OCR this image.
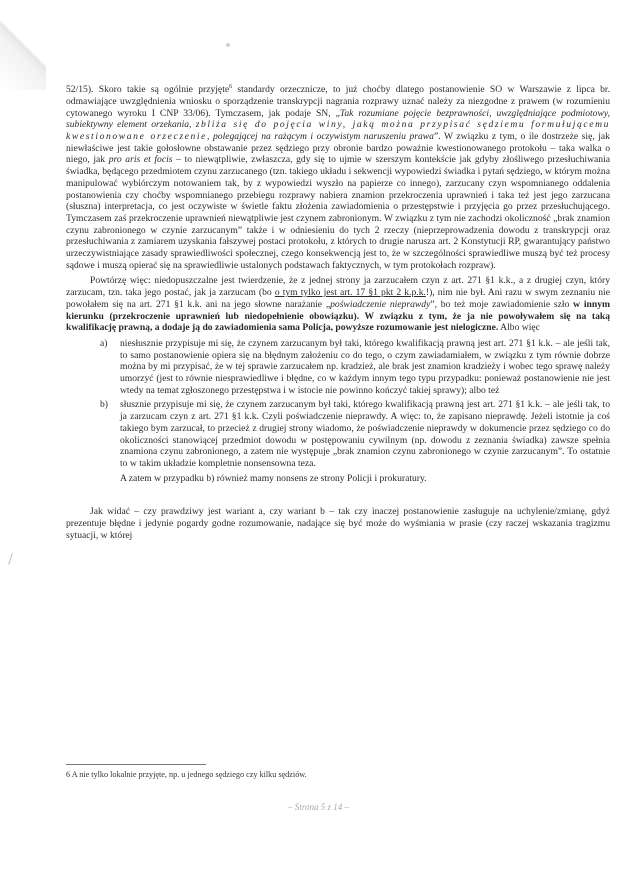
52/15). Skoro takie są ogólnie przyjęte$^6$ standardy orzecznicze, to już choćby dlatego postanowienie SO w Warszawie z lipca br. odmawiające uwzględnienia wniosku o sporządzenie transkrypcji nagrania rozprawy uznać należy za niezgodne z prawem (w rozumieniu cytowanego wyroku I CNP 33/06). Tymczasem, jak podaje SN, „Tak rozumiane pojęcie bezprawności, uwzględniające podmiotowy, subiektywny element orzekania, zbliża się do pojęcia winy, jaką można przypisać sędziemu formułującemu kwestionowane orzeczenie, polegającej na rażącym i oczywistym naruszeniu prawa”. W związku z tym, o ile dostrzeże się, jak niewłaściwe jest takie gołosłowne obstawanie przez sędziego przy obronie bardzo poważnie kwestionowanego protokołu – taka walka o niego, jak pro aris et focis – to niewątpliwie, zwłaszcza, gdy się to ujmie w szerszym kontekście jak gdyby złośliwego przesłuchiwania świadka, będącego przedmiotem czynu zarzucanego (tzn. takiego układu i sekwencji wypowiedzi świadka i pytań sędziego, w którym można manipulować wybiórczym notowaniem tak, by z wypowiedzi wyszło na papierze co innego), zarzucany czyn wspomnianego oddalenia postanowienia czy choćby wspomnianego przebiegu rozprawy nabiera znamion przekroczenia uprawnień i taka też jest jego zarzucana (słuszna) interpretacja, co jest oczywiste w świetle faktu złożenia zawiadomienia o przestępstwie i przyjęcia go przez przesłuchującego. Tymczasem zaś przekroczenie uprawnień niewątpliwie jest czynem zabronionym. W związku z tym nie zachodzi okoliczność „brak znamion czynu zabronionego w czynie zarzucanym” także i w odniesieniu do tych 2 rzeczy (nieprzeprowadzenia dowodu z transkrypcji oraz przesłuchiwania z zamiarem uzyskania fałszywej postaci protokołu, z których to drugie narusza art. 2 Konstytucji RP, gwarantujący państwo urzeczywistniające zasady sprawiedliwości społecznej, czego konsekwencją jest to, że w szczególności sprawiedliwe muszą być też procesy sądowe i muszą opierać się na sprawiedliwie ustalonych podstawach faktycznych, w tym protokołach rozpraw).

Powtórzę więc: niedopuszczalne jest twierdzenie, że z jednej strony ja zarzucałem czyn z art. 271 §1 k.k., a z drugiej czyn, który zarzucam, tzn. taka jego postać, jak ja zarzucam (bo o tym tylko jest art. 17 §1 pkt 2 k.p.k.!), nim nie był. Ani razu w swym zeznaniu nie powołałem się na art. 271 §1 k.k. ani na jego słowne narażanie „poświadczenie nieprawdy”, bo też moje zawiadomienie szło w innym kierunku (przekroczenie uprawnień lub niedopełnienie obowiązku). W związku z tym, że ja nie powoływałem się na taką kwalifikację prawną, a dodaje ją do zawiadomienia sama Policja, powyższe rozumowanie jest nielogiczne. Albo więc

a) niesłusznie przypisuje mi się, że czynem zarzucanym był taki, którego kwalifikacją prawną jest art. 271 §1 k.k. – ale jeśli tak, to samo postanowienie opiera się na błędnym założeniu co do tego, o czym zawiadamiałem, w związku z tym równie dobrze można by mi przypisać, że w tej sprawie zarzucałem np. kradzież, ale brak jest znamion kradzieży i wobec tego sprawę należy umorzyć (jest to równie niesprawiedliwe i błędne, co w każdym innym tego typu przypadku: ponieważ postanowienie nie jest wtedy na temat zgłoszonego przestępstwa i w istocie nie powinno kończyć takiej sprawy); albo też
b) słusznie przypisuje mi się, że czynem zarzucanym był taki, którego kwalifikacją prawną jest art. 271 §1 k.k. – ale jeśli tak, to ja zarzucam czyn z art. 271 §1 k.k. Czyli poświadczenie nieprawdy. A więc: to, że zapisano nieprawdę. Jeżeli istotnie ja coś takiego bym zarzucał, to przecież z drugiej strony wiadomo, że poświadczenie nieprawdy w dokumencie przez sędziego co do okoliczności stanowiącej przedmiot dowodu w postępowaniu cywilnym (np. dowodu z zeznania świadka) zawsze spełnia znamiona czynu zabronionego, a zatem nie występuje „brak znamion czynu zabronionego w czynie zarzucanym”. To ostatnie to w takim układzie kompletnie nonsensowna teza.

A zatem w przypadku b) również mamy nonsens ze strony Policji i prokuratury.

Jak widać – czy prawdziwy jest wariant a, czy wariant b – tak czy inaczej postanowienie zasługuje na uchylenie/zmianę, gdyż prezentuje błędne i jedynie pogardy godne rozumowanie, nadające się być może do wyśmiania w prasie (czy raczej wskazania tragizmu sytuacji, w której

6 A nie tylko lokalnie przyjęte, np. u jednego sędziego czy kilku sędziów.
– Strona 5 z 14 –
